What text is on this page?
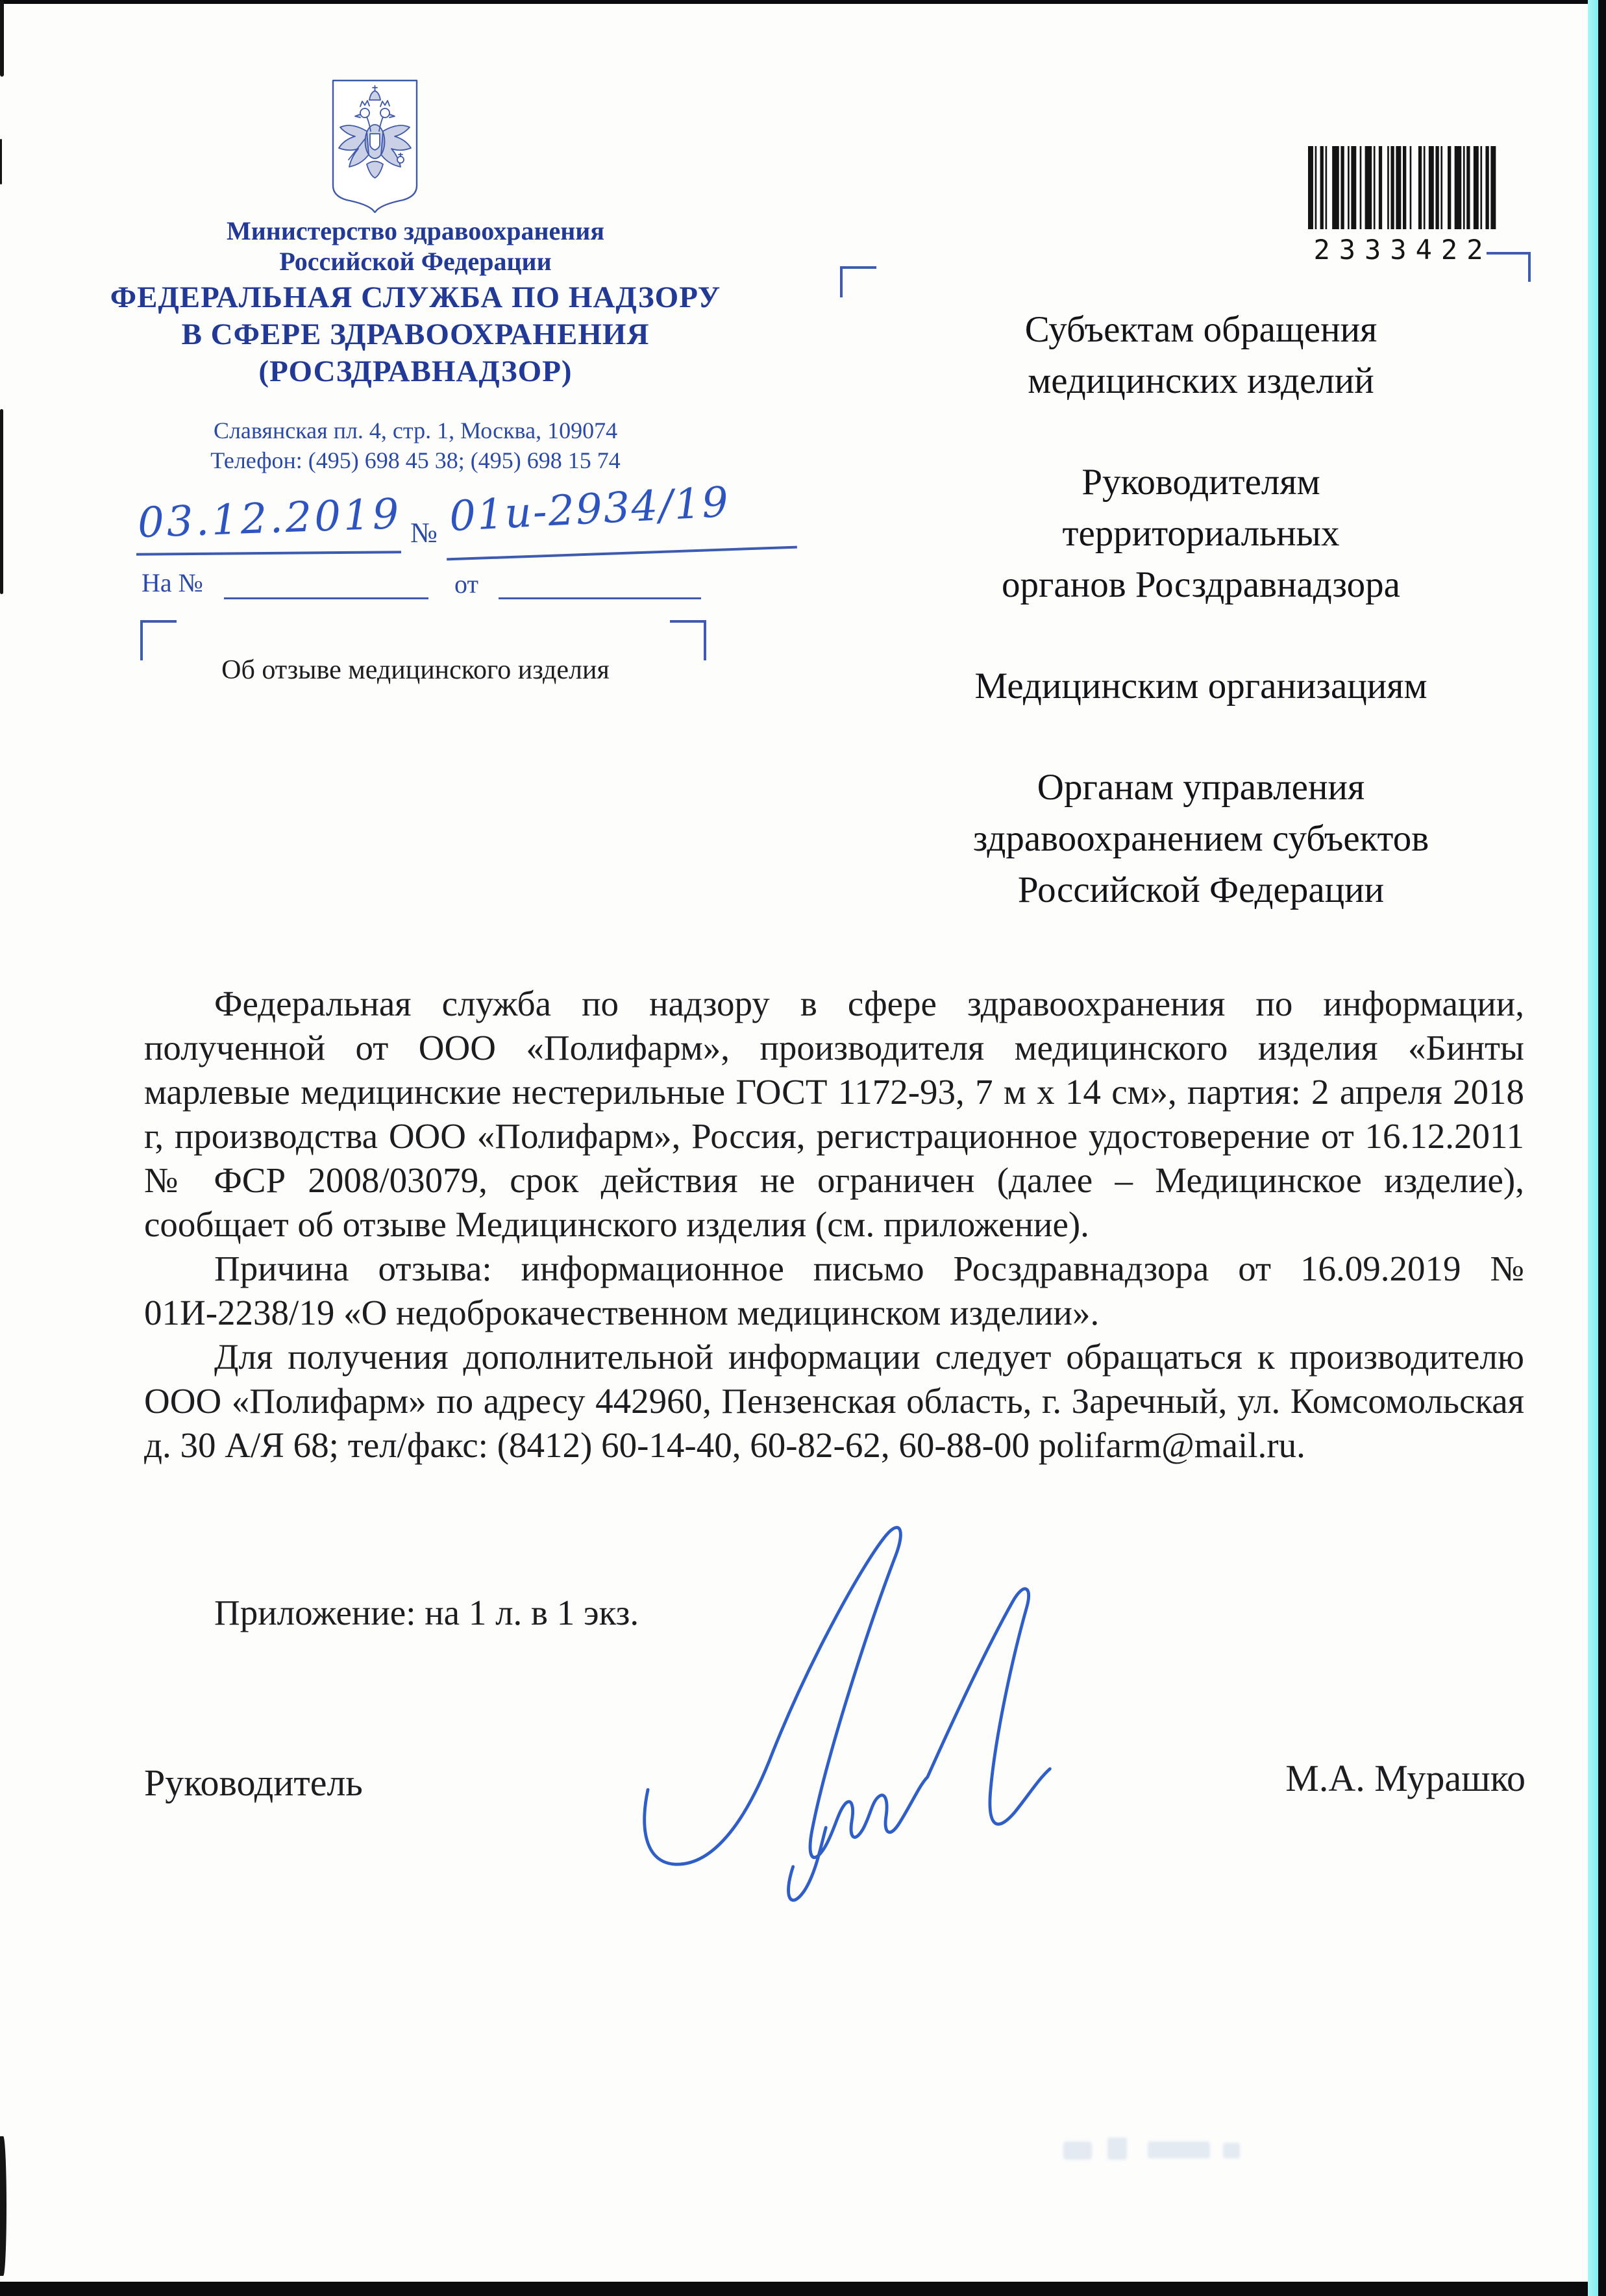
Министерство здравоохранения
Российской Федерации
ФЕДЕРАЛЬНАЯ СЛУЖБА ПО НАДЗОРУ
В СФЕРЕ ЗДРАВООХРАНЕНИЯ
(РОСЗДРАВНАДЗОР)
Славянская пл. 4, стр. 1, Москва, 109074
Телефон: (495) 698 45 38; (495) 698 15 74
03.12.2019 № 01и-2934/19
На №	от
Об отзыве медицинского изделия
2333422
Субъектам обращения
медицинских изделий
Руководителям
территориальных
органов Росздравнадзора
Медицинским организациям
Органам управления
здравоохранением субъектов
Российской Федерации

Федеральная служба по надзору в сфере здравоохранения по информации, полученной от ООО «Полифарм», производителя медицинского изделия «Бинты марлевые медицинские нестерильные ГОСТ 1172-93, 7 м х 14 см», партия: 2 апреля 2018 г, производства ООО «Полифарм», Россия, регистрационное удостоверение от 16.12.2011 № ФСР 2008/03079, срок действия не ограничен (далее – Медицинское изделие), сообщает об отзыве Медицинского изделия (см. приложение).

Причина отзыва: информационное письмо Росздравнадзора от 16.09.2019 № 01И-2238/19 «О недоброкачественном медицинском изделии».

Для получения дополнительной информации следует обращаться к производителю ООО «Полифарм» по адресу 442960, Пензенская область, г. Заречный, ул. Комсомольская д. 30 А/Я 68; тел/факс: (8412) 60-14-40, 60-82-62, 60-88-00 polifarm@mail.ru.

Приложение: на 1 л. в 1 экз.
Руководитель	М.А. Мурашко
